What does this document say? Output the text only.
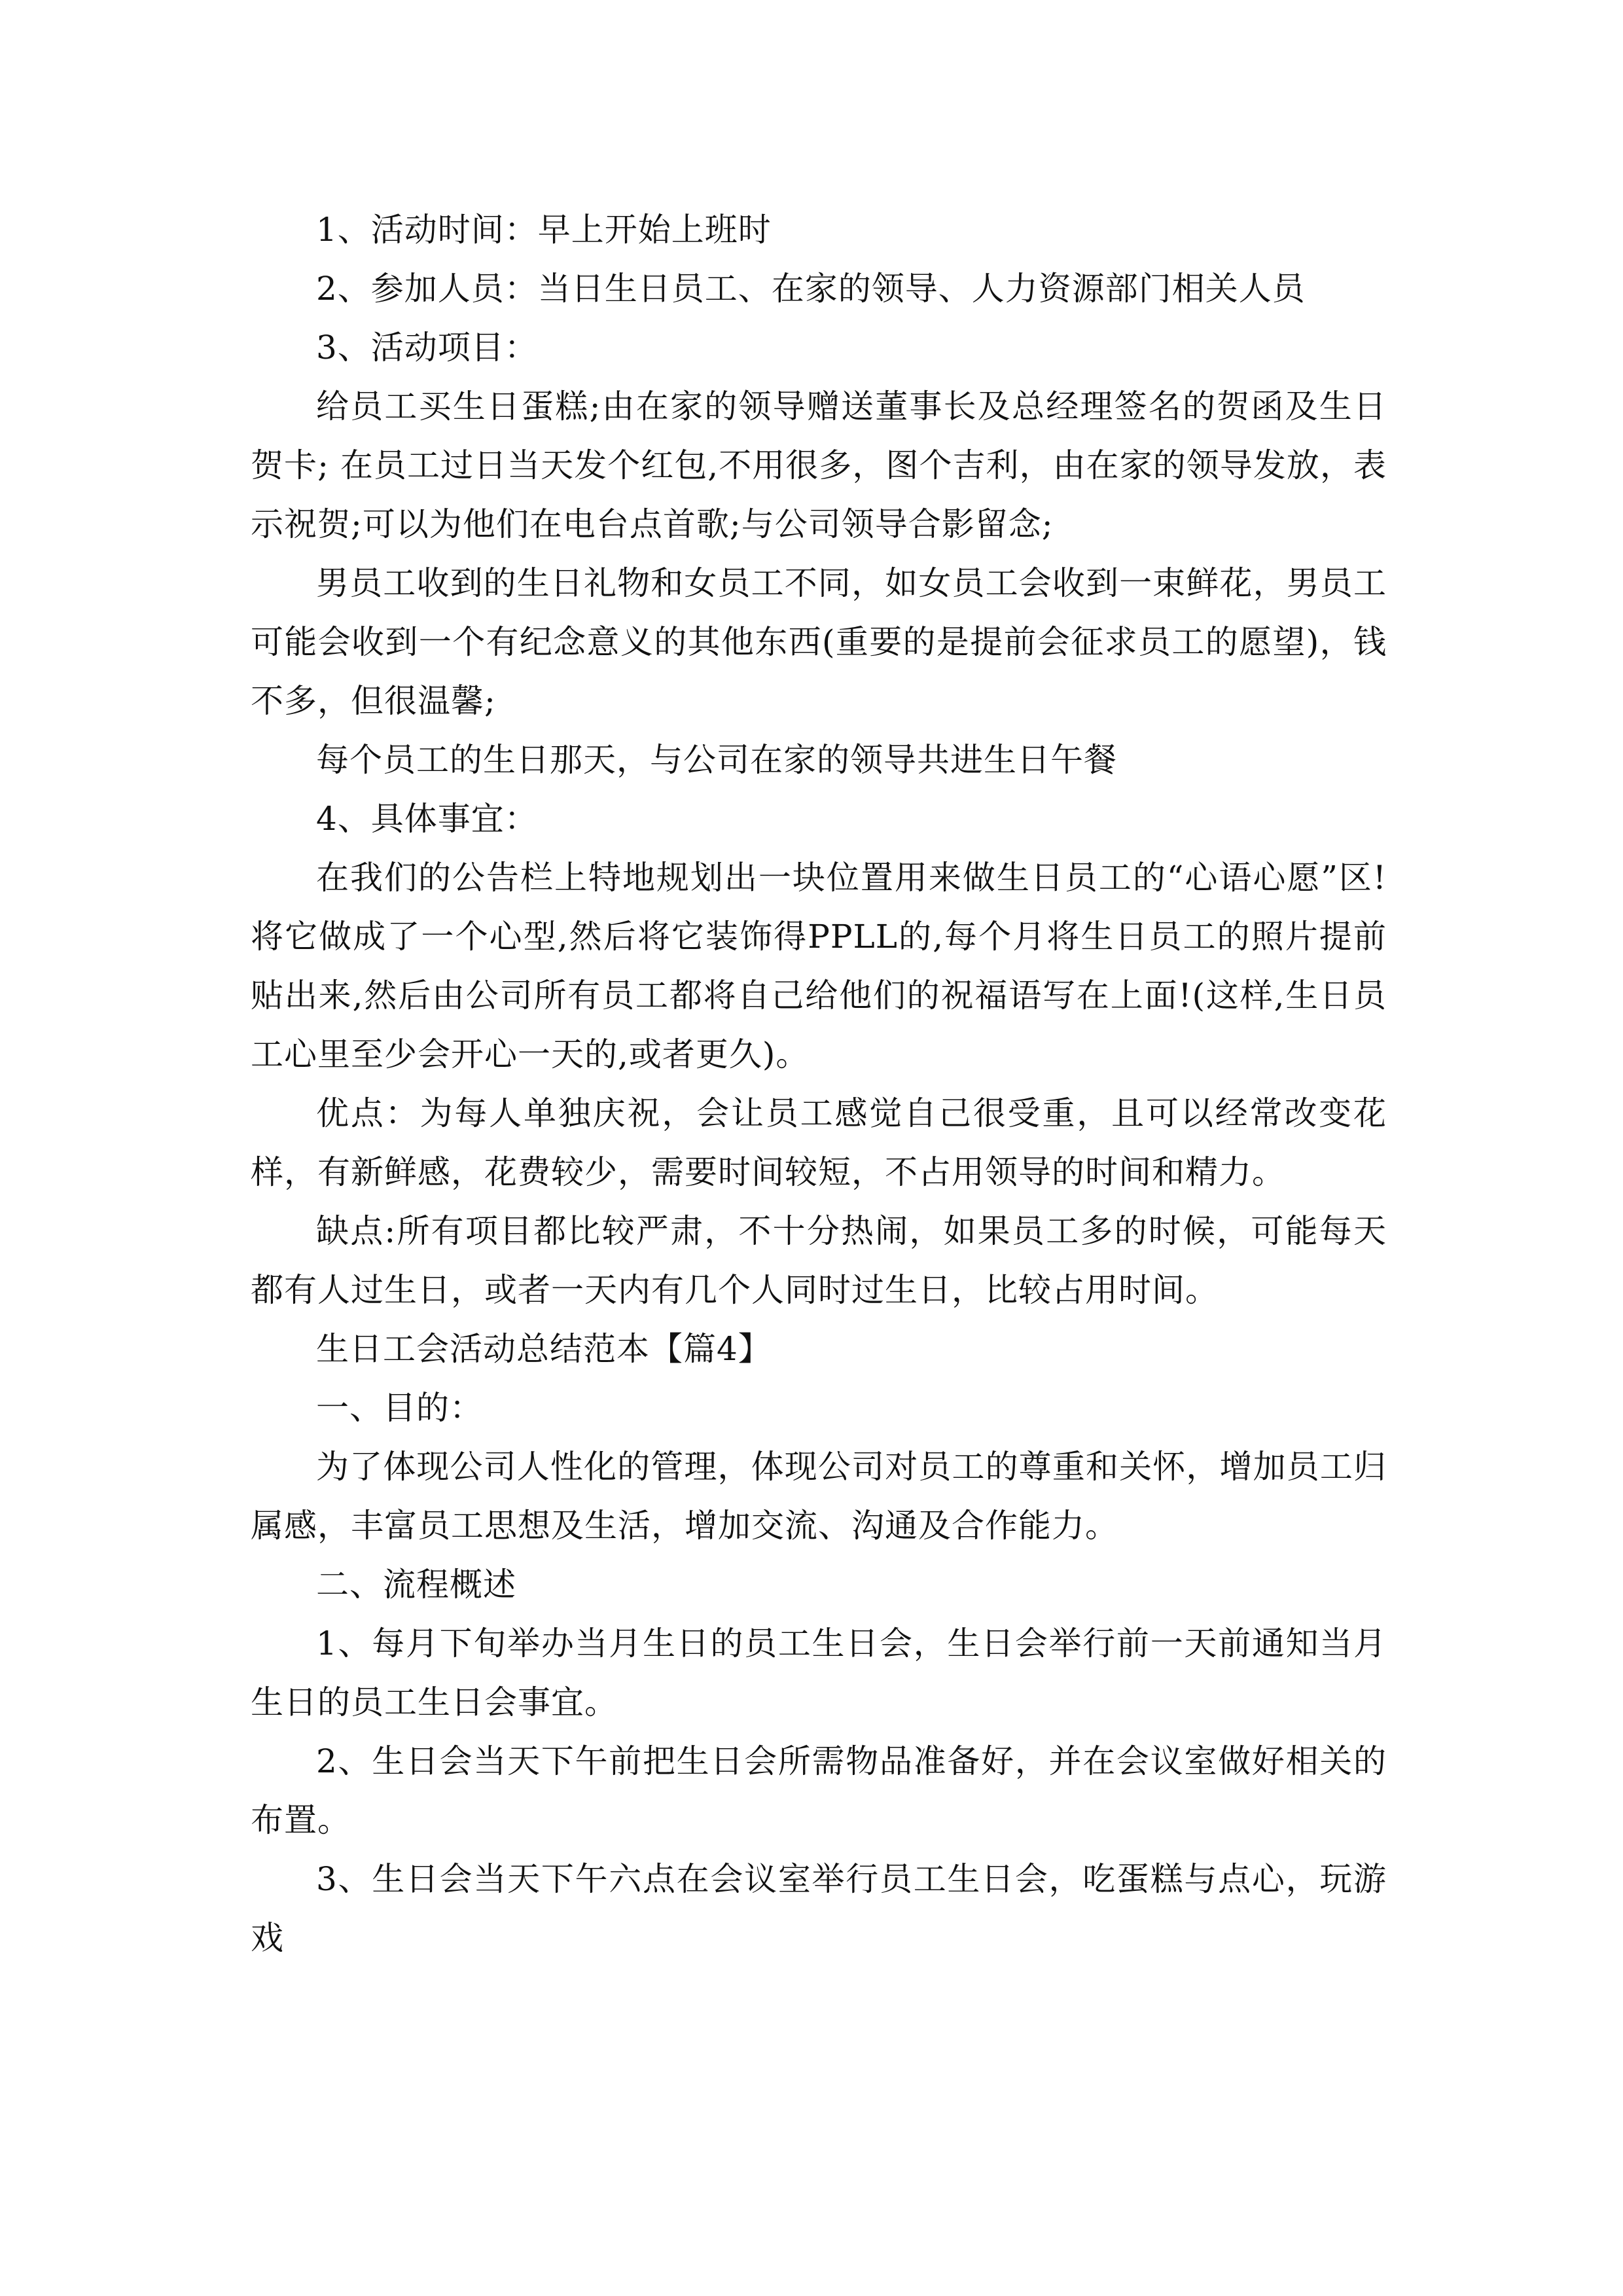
1、活动时间：早上开始上班时

2、参加人员：当日生日员工、在家的领导、人力资源部门相关人员

3、活动项目：

给员工买生日蛋糕;由在家的领导赠送董事长及总经理签名的贺函及生日贺卡; 在员工过日当天发个红包,不用很多，图个吉利，由在家的领导发放，表示祝贺;可以为他们在电台点首歌;与公司领导合影留念;

男员工收到的生日礼物和女员工不同，如女员工会收到一束鲜花，男员工可能会收到一个有纪念意义的其他东西(重要的是提前会征求员工的愿望)，钱不多，但很温馨;

每个员工的生日那天，与公司在家的领导共进生日午餐

4、具体事宜：

在我们的公告栏上特地规划出一块位置用来做生日员工的“心语心愿”区!将它做成了一个心型,然后将它装饰得PPLL的,每个月将生日员工的照片提前贴出来,然后由公司所有员工都将自己给他们的祝福语写在上面!(这样,生日员工心里至少会开心一天的,或者更久)。

优点：为每人单独庆祝，会让员工感觉自己很受重，且可以经常改变花样，有新鲜感，花费较少，需要时间较短，不占用领导的时间和精力。

缺点:所有项目都比较严肃，不十分热闹，如果员工多的时候，可能每天都有人过生日，或者一天内有几个人同时过生日，比较占用时间。

生日工会活动总结范本【篇4】

一、目的：

为了体现公司人性化的管理，体现公司对员工的尊重和关怀，增加员工归属感，丰富员工思想及生活，增加交流、沟通及合作能力。

二、流程概述

1、每月下旬举办当月生日的员工生日会，生日会举行前一天前通知当月生日的员工生日会事宜。

2、生日会当天下午前把生日会所需物品准备好，并在会议室做好相关的布置。

3、生日会当天下午六点在会议室举行员工生日会，吃蛋糕与点心，玩游戏
